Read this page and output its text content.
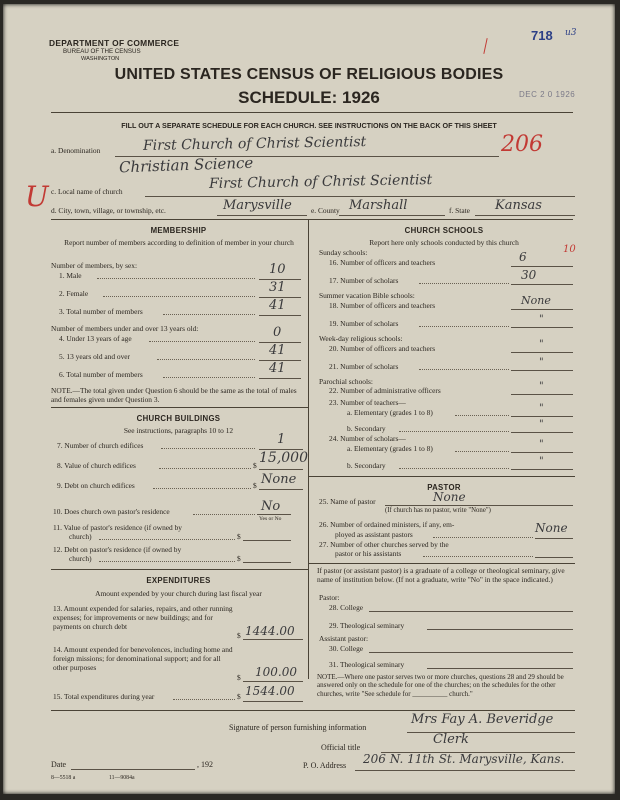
DEPARTMENT OF COMMERCE
BUREAU OF THE CENSUS
WASHINGTON
UNITED STATES CENSUS OF RELIGIOUS BODIES
SCHEDULE: 1926
718 u3
DEC 2 0 1926
FILL OUT A SEPARATE SCHEDULE FOR EACH CHURCH. SEE INSTRUCTIONS ON THE BACK OF THIS SHEET
a. Denomination	First Church of Christ Scientist	206
Christian Science
U c. Local name of church	First Church of Christ Scientist
d. City, town, village, or township, etc.	Marysville	e. County Marshall	f. State Kansas
MEMBERSHIP
Report number of members according to definition of member in your church
Number of members, by sex:
1. Male	10
2. Female	31
3. Total number of members	41
Number of members under and over 13 years old:
4. Under 13 years of age	0
5. 13 years old and over	41
6. Total number of members	41
NOTE.—The total given under Question 6 should be the same as the total of males and females given under Question 3.
CHURCH BUILDINGS
See instructions, paragraphs 10 to 12
7. Number of church edifices	1
8. Value of church edifices	$ 15,000
9. Debt on church edifices	$ None
10. Does church own pastor's residence	No
Yes or No
11. Value of pastor's residence (if owned by
church)	$
12. Debt on pastor's residence (if owned by
church)	$
EXPENDITURES
Amount expended by your church during last fiscal year
13. Amount expended for salaries, repairs, and other running expenses; for improvements or new buildings; and for payments on church debt
$ 1444.00
14. Amount expended for benevolences, including home and foreign missions; for denominational support; and for all other purposes
$ 100.00
15. Total expenditures during year	$ 1544.00
CHURCH SCHOOLS
Report here only schools conducted by this church
Sunday schools:
16. Number of officers and teachers	6
10
17. Number of scholars	30
Summer vacation Bible schools:
18. Number of officers and teachers	None
19. Number of scholars	"
Week-day religious schools:
20. Number of officers and teachers	"
21. Number of scholars	"
Parochial schools:
22. Number of administrative officers	"
23. Number of teachers—
a. Elementary (grades 1 to 8)	"
b. Secondary	"
24. Number of scholars—
a. Elementary (grades 1 to 8)	"
b. Secondary	"
PASTOR
25. Name of pastor	None
(If church has no pastor, write "None")
26. Number of ordained ministers, if any, em-
ployed as assistant pastors	None
27. Number of other churches served by the
pastor or his assistants
If pastor (or assistant pastor) is a graduate of a college or theological seminary, give name of institution below. (If not a graduate, write "No" in the space indicated.)
Pastor:
28. College
29. Theological seminary
Assistant pastor:
30. College
31. Theological seminary
NOTE.—Where one pastor serves two or more churches, questions 28 and 29 should be answered only on the schedule for one of the churches; on the schedules for the other churches, write "See schedule for __________ church."
Signature of person furnishing information
Mrs Fay A. Beveridge
Official title
Clerk
Date	, 192	P. O. Address 206 N. 11th St. Marysville, Kans.
8—5518 a	11—9084a
